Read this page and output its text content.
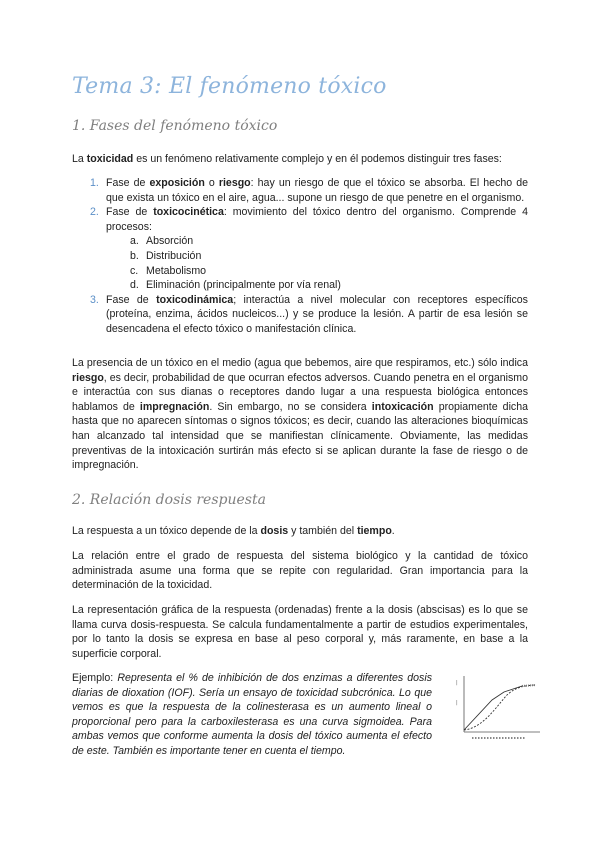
Tema 3: El fenómeno tóxico
1. Fases del fenómeno tóxico
La toxicidad es un fenómeno relativamente complejo y en él podemos distinguir tres fases:
1. Fase de exposición o riesgo: hay un riesgo de que el tóxico se absorba. El hecho de que exista un tóxico en el aire, agua... supone un riesgo de que penetre en el organismo.
2. Fase de toxicocinética: movimiento del tóxico dentro del organismo. Comprende 4 procesos:
a. Absorción
b. Distribución
c. Metabolismo
d. Eliminación (principalmente por vía renal)
3. Fase de toxicodinámica; interactúa a nivel molecular con receptores específicos (proteína, enzima, ácidos nucleicos...) y se produce la lesión. A partir de esa lesión se desencadena el efecto tóxico o manifestación clínica.
La presencia de un tóxico en el medio (agua que bebemos, aire que respiramos, etc.) sólo indica riesgo, es decir, probabilidad de que ocurran efectos adversos. Cuando penetra en el organismo e interactúa con sus dianas o receptores dando lugar a una respuesta biológica entonces hablamos de impregnación. Sin embargo, no se considera intoxicación propiamente dicha hasta que no aparecen síntomas o signos tóxicos; es decir, cuando las alteraciones bioquímicas han alcanzado tal intensidad que se manifiestan clínicamente. Obviamente, las medidas preventivas de la intoxicación surtirán más efecto si se aplican durante la fase de riesgo o de impregnación.
2. Relación dosis respuesta
La respuesta a un tóxico depende de la dosis y también del tiempo.
La relación entre el grado de respuesta del sistema biológico y la cantidad de tóxico administrada asume una forma que se repite con regularidad. Gran importancia para la determinación de la toxicidad.
La representación gráfica de la respuesta (ordenadas) frente a la dosis (abscisas) es lo que se llama curva dosis-respuesta. Se calcula fundamentalmente a partir de estudios experimentales, por lo tanto la dosis se expresa en base al peso corporal y, más raramente, en base a la superficie corporal.
Ejemplo: Representa el % de inhibición de dos enzimas a diferentes dosis diarias de dioxation (IOF). Sería un ensayo de toxicidad subcrónica. Lo que vemos es que la respuesta de la colinesterasa es un aumento lineal o proporcional pero para la carboxilesterasa es una curva sigmoidea. Para ambas vemos que conforme aumenta la dosis del tóxico aumenta el efecto de este. También es importante tener en cuenta el tiempo.
|
|
